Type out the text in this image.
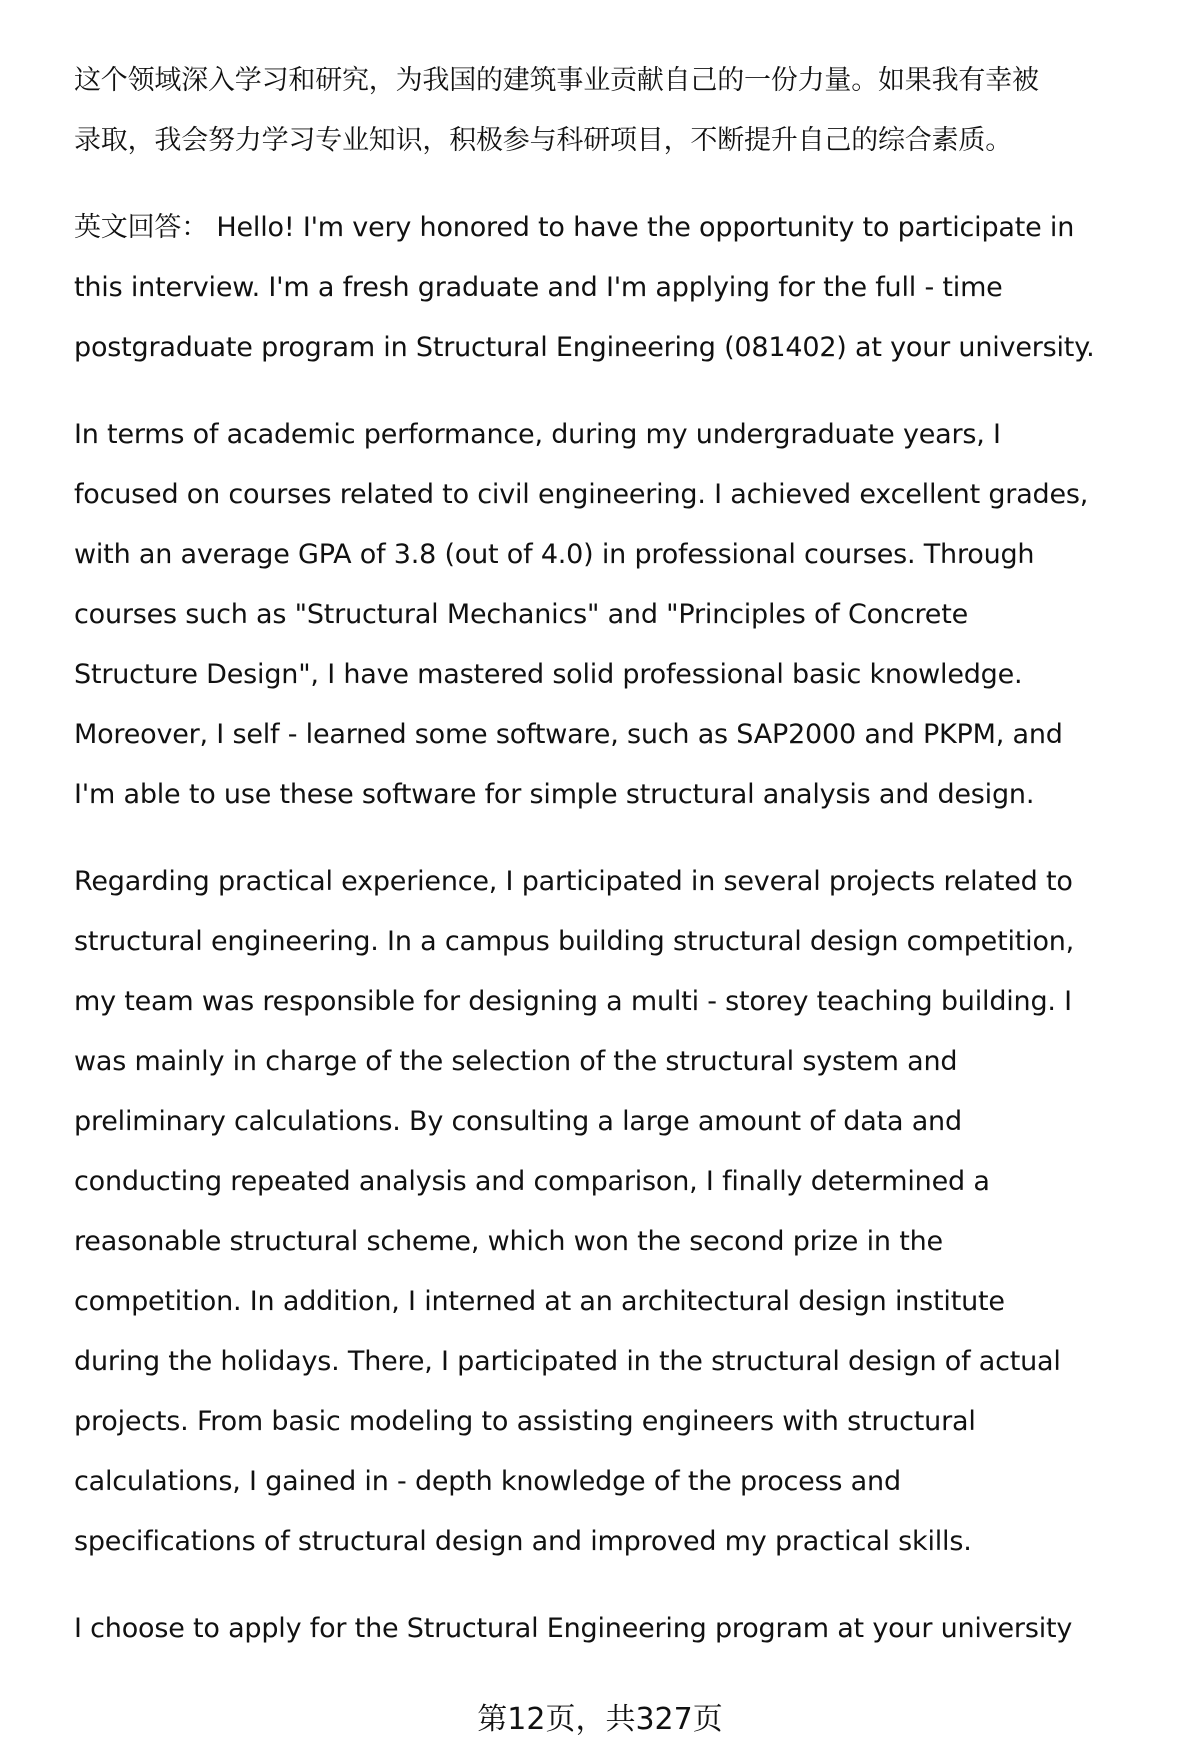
这个领域深入学习和研究，为我国的建筑事业贡献自己的一份力量。如果我有幸被
录取，我会努力学习专业知识，积极参与科研项目，不断提升自己的综合素质。
英文回答： Hello! I'm very honored to have the opportunity to participate in
this interview. I'm a fresh graduate and I'm applying for the full - time
postgraduate program in Structural Engineering (081402) at your university.
In terms of academic performance, during my undergraduate years, I
focused on courses related to civil engineering. I achieved excellent grades,
with an average GPA of 3.8 (out of 4.0) in professional courses. Through
courses such as "Structural Mechanics" and "Principles of Concrete
Structure Design", I have mastered solid professional basic knowledge.
Moreover, I self - learned some software, such as SAP2000 and PKPM, and
I'm able to use these software for simple structural analysis and design.
Regarding practical experience, I participated in several projects related to
structural engineering. In a campus building structural design competition,
my team was responsible for designing a multi - storey teaching building. I
was mainly in charge of the selection of the structural system and
preliminary calculations. By consulting a large amount of data and
conducting repeated analysis and comparison, I finally determined a
reasonable structural scheme, which won the second prize in the
competition. In addition, I interned at an architectural design institute
during the holidays. There, I participated in the structural design of actual
projects. From basic modeling to assisting engineers with structural
calculations, I gained in - depth knowledge of the process and
specifications of structural design and improved my practical skills.
I choose to apply for the Structural Engineering program at your university
第12页，共327页
